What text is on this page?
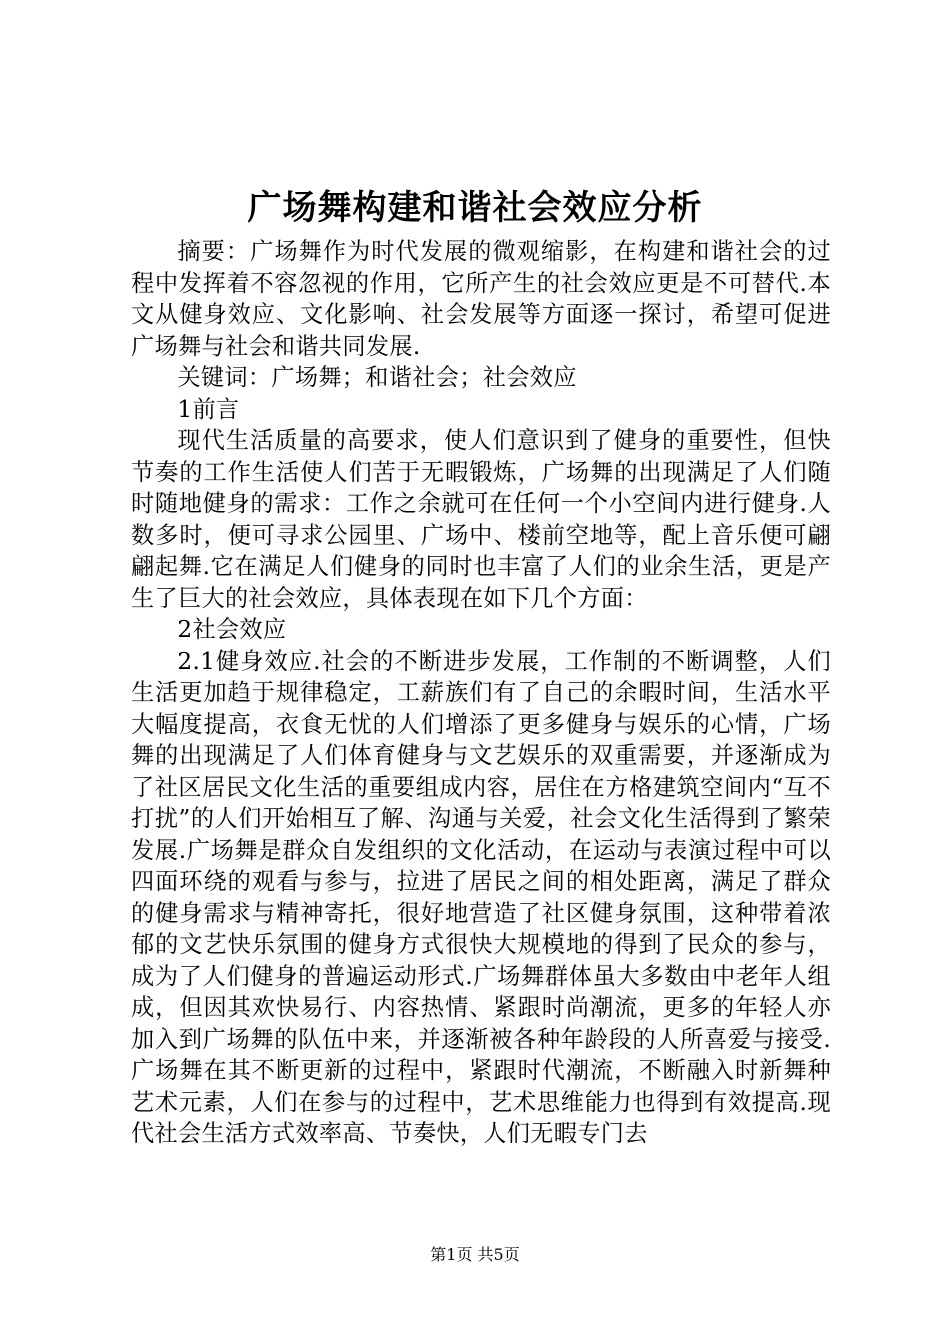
广场舞构建和谐社会效应分析

摘要：广场舞作为时代发展的微观缩影，在构建和谐社会的过程中发挥着不容忽视的作用，它所产生的社会效应更是不可替代.本文从健身效应、文化影响、社会发展等方面逐一探讨，希望可促进广场舞与社会和谐共同发展.

关键词：广场舞；和谐社会；社会效应

1前言

现代生活质量的高要求，使人们意识到了健身的重要性，但快节奏的工作生活使人们苦于无暇锻炼，广场舞的出现满足了人们随时随地健身的需求：工作之余就可在任何一个小空间内进行健身.人数多时，便可寻求公园里、广场中、楼前空地等，配上音乐便可翩翩起舞.它在满足人们健身的同时也丰富了人们的业余生活，更是产生了巨大的社会效应，具体表现在如下几个方面：

2社会效应

2.1健身效应.社会的不断进步发展，工作制的不断调整，人们生活更加趋于规律稳定，工薪族们有了自己的余暇时间，生活水平大幅度提高，衣食无忧的人们增添了更多健身与娱乐的心情，广场舞的出现满足了人们体育健身与文艺娱乐的双重需要，并逐渐成为了社区居民文化生活的重要组成内容，居住在方格建筑空间内“互不打扰”的人们开始相互了解、沟通与关爱，社会文化生活得到了繁荣发展.广场舞是群众自发组织的文化活动，在运动与表演过程中可以四面环绕的观看与参与，拉进了居民之间的相处距离，满足了群众的健身需求与精神寄托，很好地营造了社区健身氛围，这种带着浓郁的文艺快乐氛围的健身方式很快大规模地的得到了民众的参与，成为了人们健身的普遍运动形式.广场舞群体虽大多数由中老年人组成，但因其欢快易行、内容热情、紧跟时尚潮流，更多的年轻人亦加入到广场舞的队伍中来，并逐渐被各种年龄段的人所喜爱与接受.广场舞在其不断更新的过程中，紧跟时代潮流，不断融入时新舞种艺术元素，人们在参与的过程中，艺术思维能力也得到有效提高.现代社会生活方式效率高、节奏快，人们无暇专门去

第1页 共5页
